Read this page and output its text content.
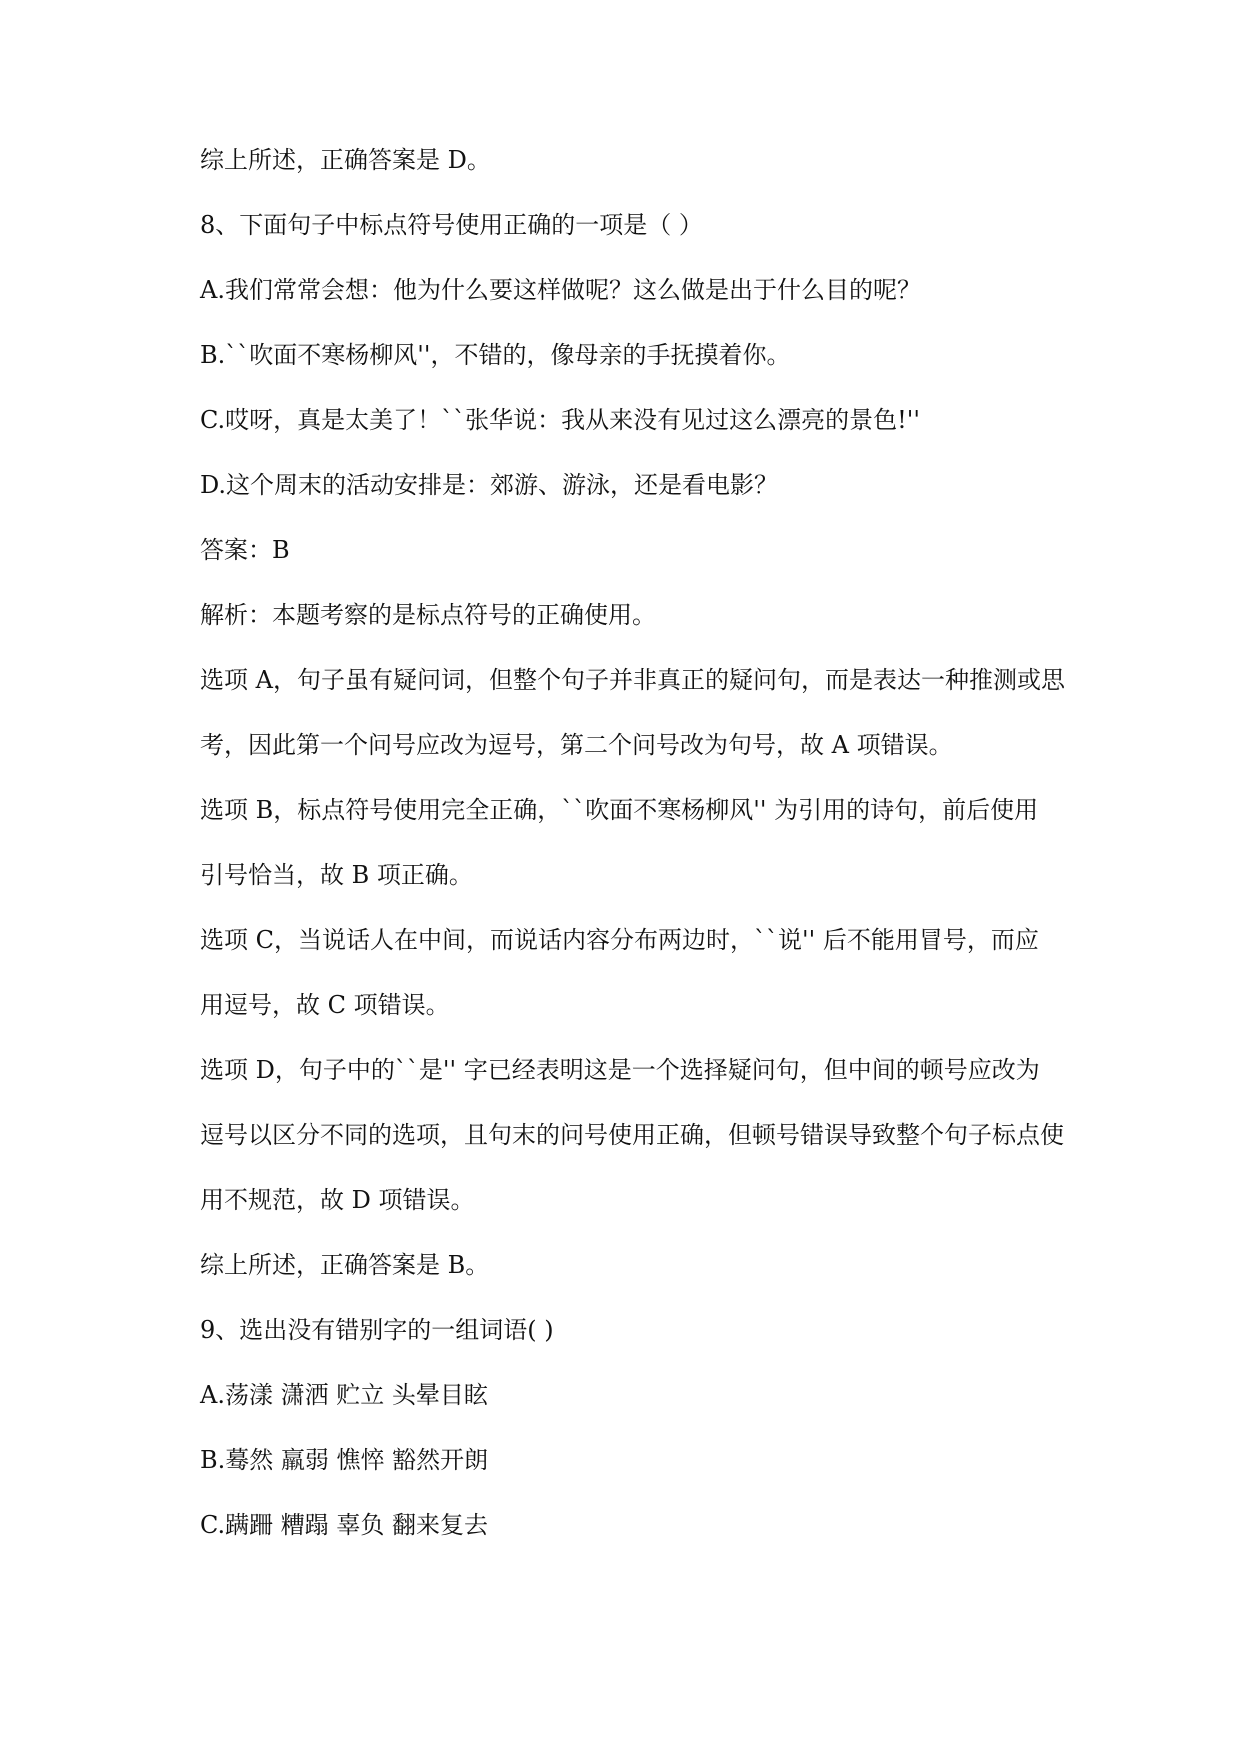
综上所述，正确答案是 D。
8、下面句子中标点符号使用正确的一项是（ ）
A.我们常常会想：他为什么要这样做呢？这么做是出于什么目的呢？
B.``吹面不寒杨柳风''，不错的，像母亲的手抚摸着你。
C.哎呀，真是太美了！``张华说：我从来没有见过这么漂亮的景色!''
D.这个周末的活动安排是：郊游、游泳，还是看电影？
答案：B
解析：本题考察的是标点符号的正确使用。
选项 A，句子虽有疑问词，但整个句子并非真正的疑问句，而是表达一种推测或思
考，因此第一个问号应改为逗号，第二个问号改为句号，故 A 项错误。
选项 B，标点符号使用完全正确，``吹面不寒杨柳风'' 为引用的诗句，前后使用
引号恰当，故 B 项正确。
选项 C，当说话人在中间，而说话内容分布两边时，``说'' 后不能用冒号，而应
用逗号，故 C 项错误。
选项 D，句子中的``是'' 字已经表明这是一个选择疑问句，但中间的顿号应改为
逗号以区分不同的选项，且句末的问号使用正确，但顿号错误导致整个句子标点使
用不规范，故 D 项错误。
综上所述，正确答案是 B。
9、选出没有错别字的一组词语( )
A.荡漾 潇洒 贮立 头晕目眩
B.蓦然 羸弱 憔悴 豁然开朗
C.蹒跚 糟蹋 辜负 翻来复去
